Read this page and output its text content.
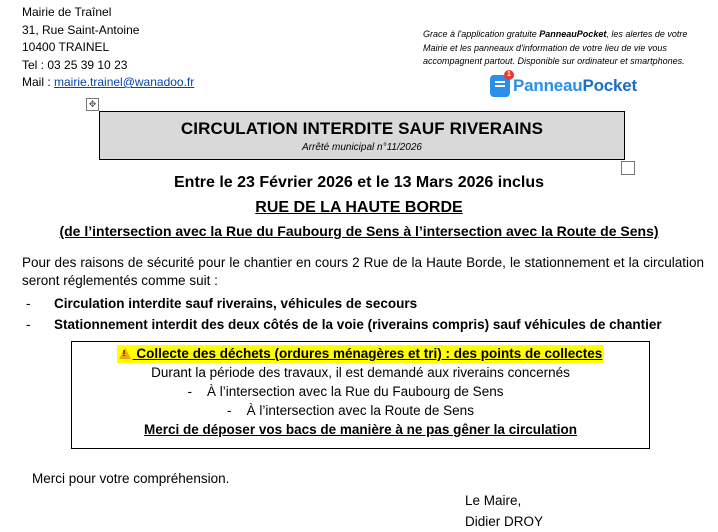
Mairie de Traînel
31, Rue Saint-Antoine
10400 TRAINEL
Tel : 03 25 39 10 23
Mail : mairie.trainel@wanadoo.fr
Grace à l'application gratuite PanneauPocket, les alertes de votre Mairie et les panneaux d'information de votre lieu de vie vous accompagnent partout. Disponible sur ordinateur et smartphones.
1
PanneauPocket
✥
CIRCULATION INTERDITE SAUF RIVERAINS
Arrêté municipal n°11/2026
Entre le 23 Février 2026 et le 13 Mars 2026 inclus
RUE DE LA HAUTE BORDE
(de l’intersection avec la Rue du Faubourg de Sens à l’intersection avec la Route de Sens)
Pour des raisons de sécurité pour le chantier en cours 2 Rue de la Haute Borde, le stationnement et la circulation seront réglementés comme suit :
-	Circulation interdite sauf riverains, véhicules de secours
-	Stationnement interdit des deux côtés de la voie (riverains compris) sauf véhicules de chantier
! Collecte des déchets (ordures ménagères et tri) : des points de collectes
Durant la période des travaux, il est demandé aux riverains concernés
- À l’intersection avec la Rue du Faubourg de Sens
- À l’intersection avec la Route de Sens
Merci de déposer vos bacs de manière à ne pas gêner la circulation
Merci pour votre compréhension.
Le Maire,
Didier DROY
